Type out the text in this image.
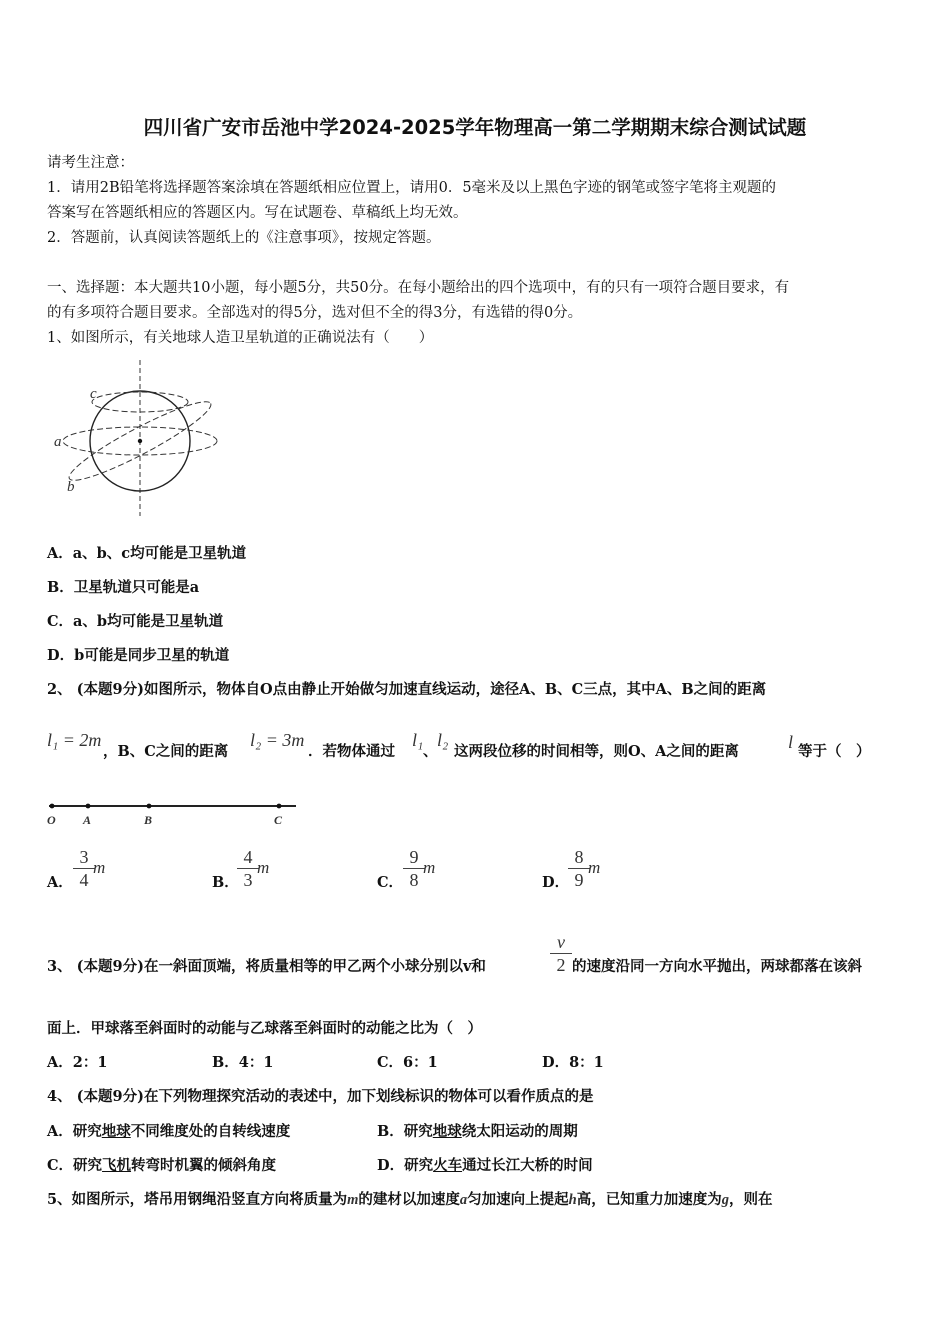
四川省广安市岳池中学2024-2025学年物理高一第二学期期末综合测试试题
请考生注意：
1．请用2B铅笔将选择题答案涂填在答题纸相应位置上，请用0．5毫米及以上黑色字迹的钢笔或签字笔将主观题的
答案写在答题纸相应的答题区内。写在试题卷、草稿纸上均无效。
2．答题前，认真阅读答题纸上的《注意事项》，按规定答题。
一、选择题：本大题共10小题，每小题5分，共50分。在每小题给出的四个选项中，有的只有一项符合题目要求，有
的有多项符合题目要求。全部选对的得5分，选对但不全的得3分，有选错的得0分。
1、如图所示，有关地球人造卫星轨道的正确说法有（　　）
a
b
c
A．a、b、c均可能是卫星轨道
B．卫星轨道只可能是a
C．a、b均可能是卫星轨道
D．b可能是同步卫星的轨道
2、 (本题9分)如图所示，物体自O点由静止开始做匀加速直线运动，途径A、B、C三点，其中A、B之间的距离
l₁ = 2m
，B、C之间的距离
l₂ = 3m
．若物体通过
l₁
、
l₂
这两段位移的时间相等，则O、A之间的距离	l 等于（　）
O A	B	C
A．
3
4
m
B．
4
3
m
C．
9
8
m
D．
8
9
m
3、 (本题9分)在一斜面顶端，将质量相等的甲乙两个小球分别以v和
v
2 的速度沿同一方向水平抛出，两球都落在该斜
面上．甲球落至斜面时的动能与乙球落至斜面时的动能之比为（　）
A．2：1	B．4：1	C．6：1	D．8：1
4、 (本题9分)在下列物理探究活动的表述中，加下划线标识的物体可以看作质点的是
A．研究地球不同维度处的自转线速度	B．研究地球绕太阳运动的周期
C．研究飞机转弯时机翼的倾斜角度	D．研究火车通过长江大桥的时间
5、如图所示，塔吊用钢绳沿竖直方向将质量为m的建材以加速度a匀加速向上提起h高，已知重力加速度为g，则在
